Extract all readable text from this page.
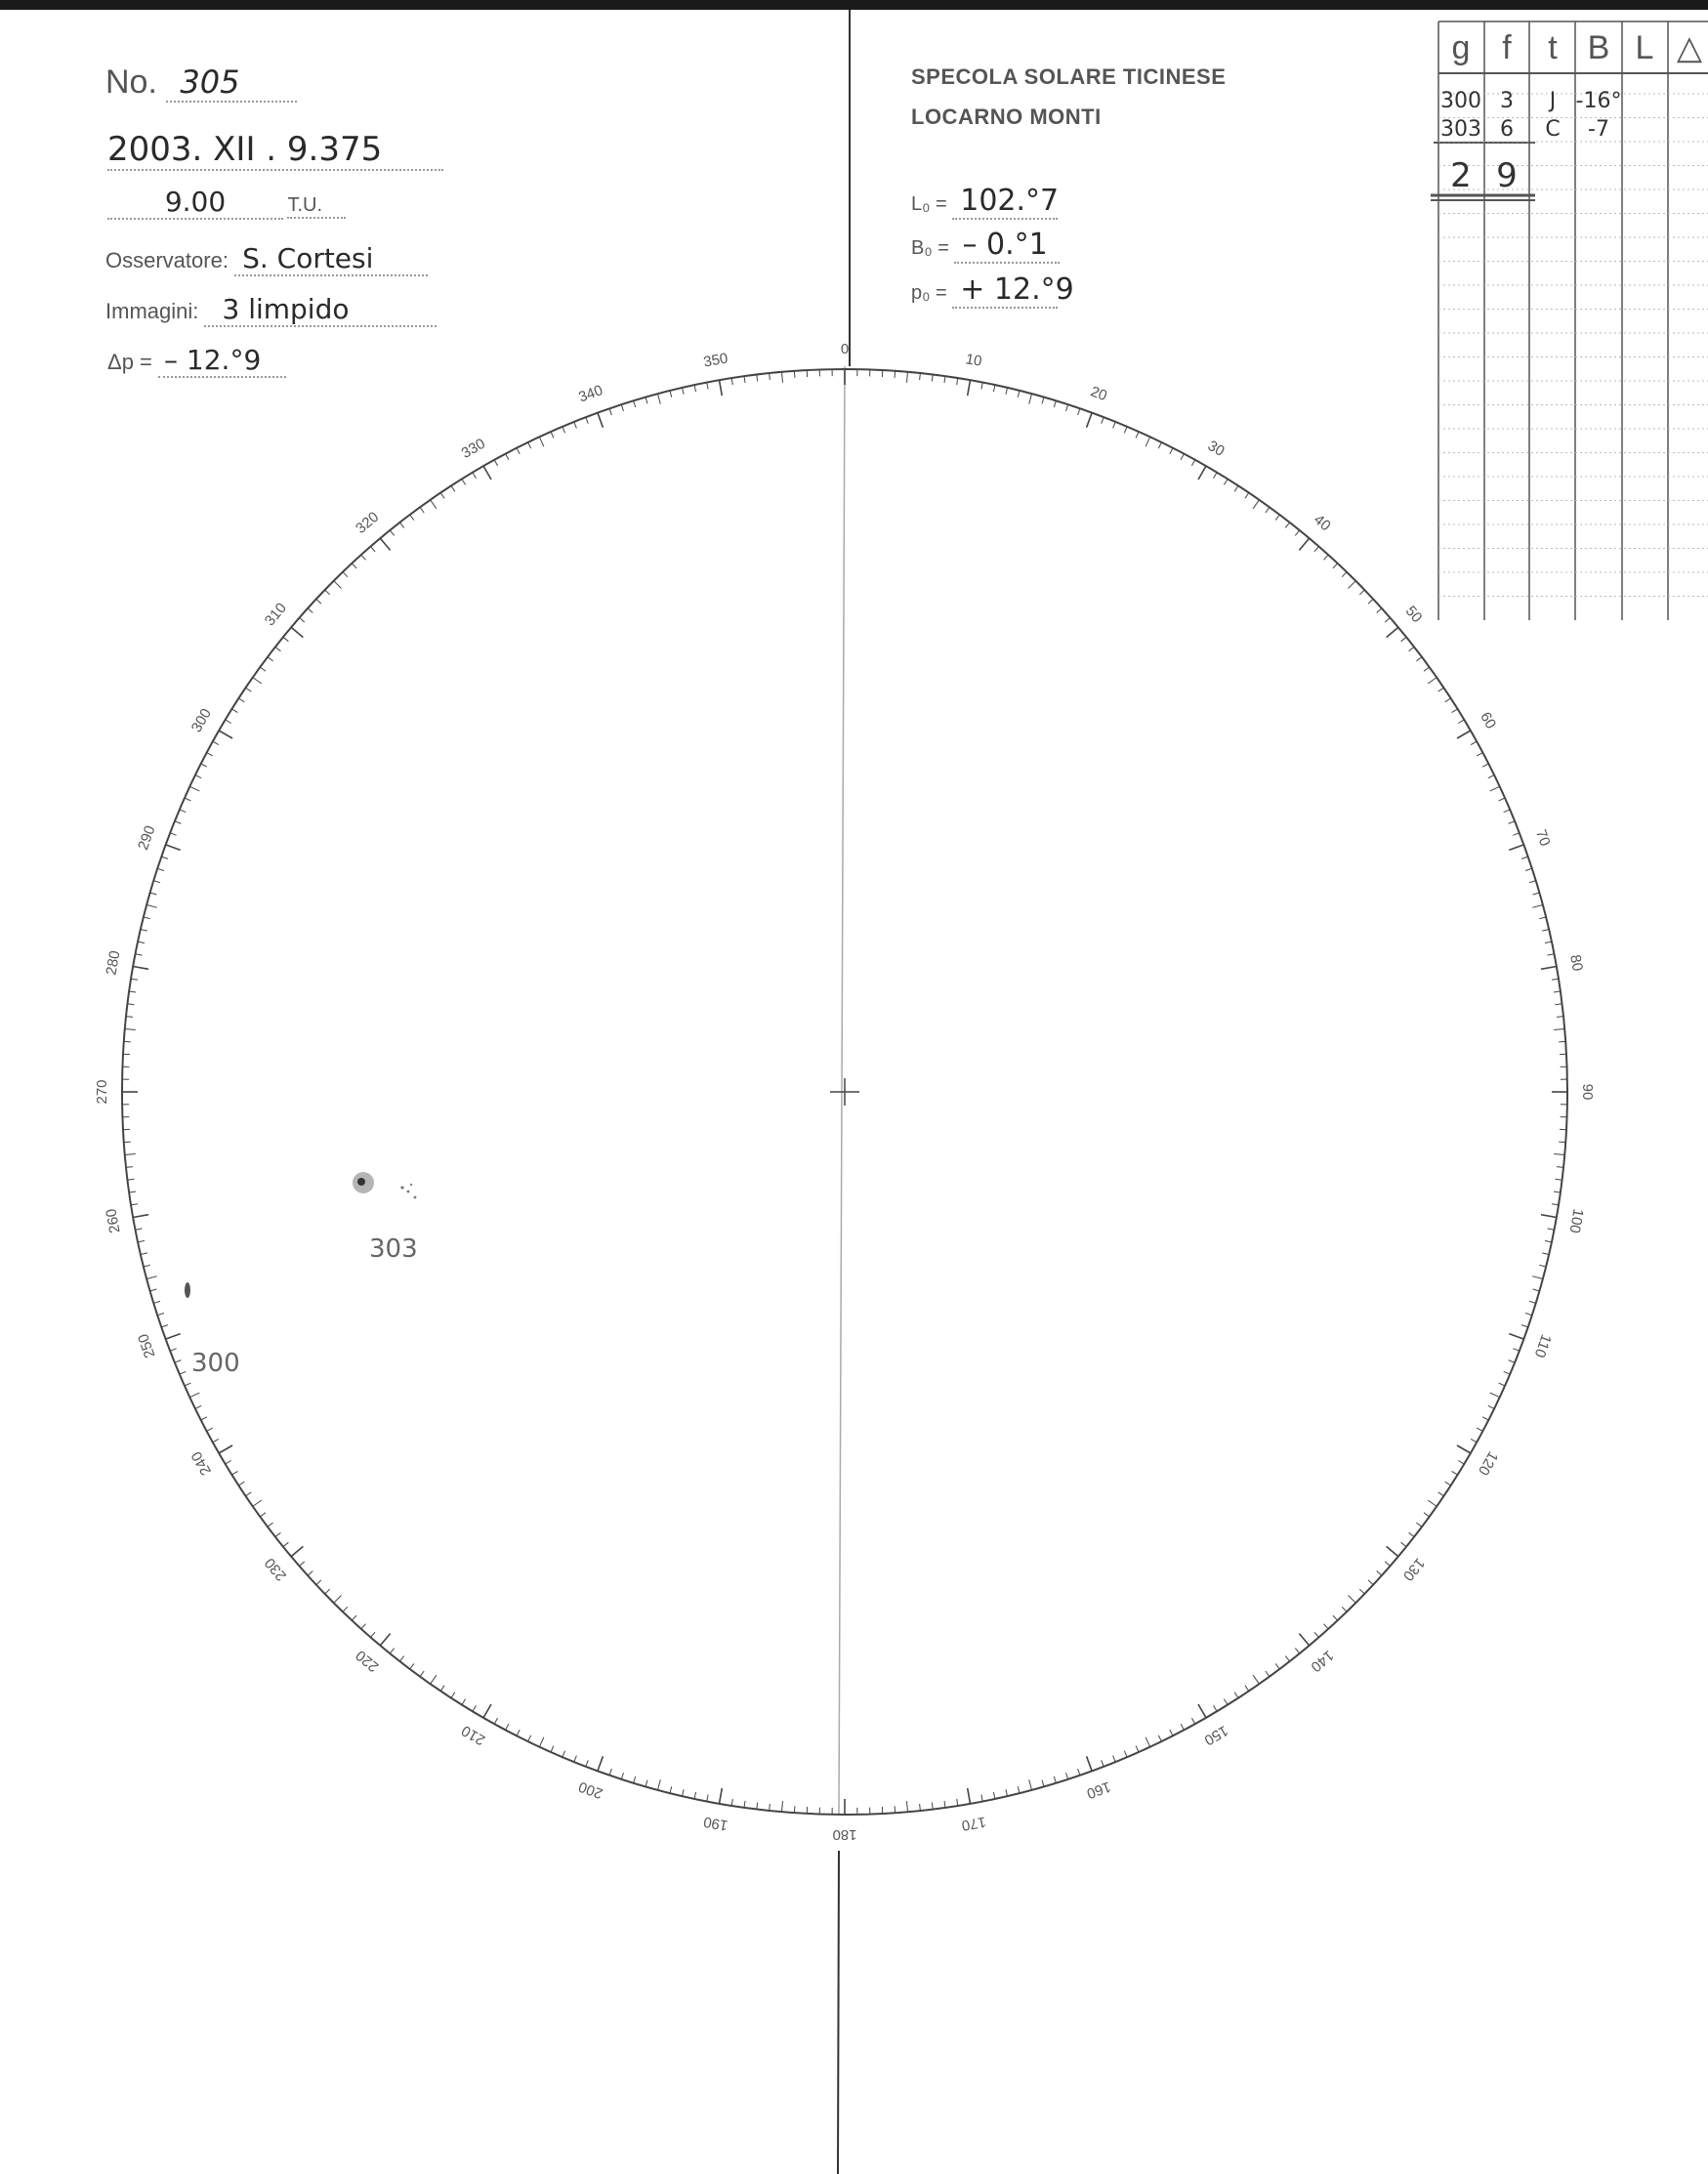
No. 305
2003. XII . 9.375
9.00	T.U.
Osservatore: S. Cortesi
Immagini: 3 limpido
Δp = – 12.°9
SPECOLA SOLARE TICINESE
LOCARNO MONTI
L₀ = 102.°7
B₀ = – 0.°1
p₀ = + 12.°9
0
10
20
30
40
50
60
70
80
90
100
110
120
130
140
150
160
170
180
190
200
210
220
230
240
250
260
270
280
290
300
310
320
330
340
350
303
300
g f t B L △
300 3 J -16°
303 6 C -7
2 9
